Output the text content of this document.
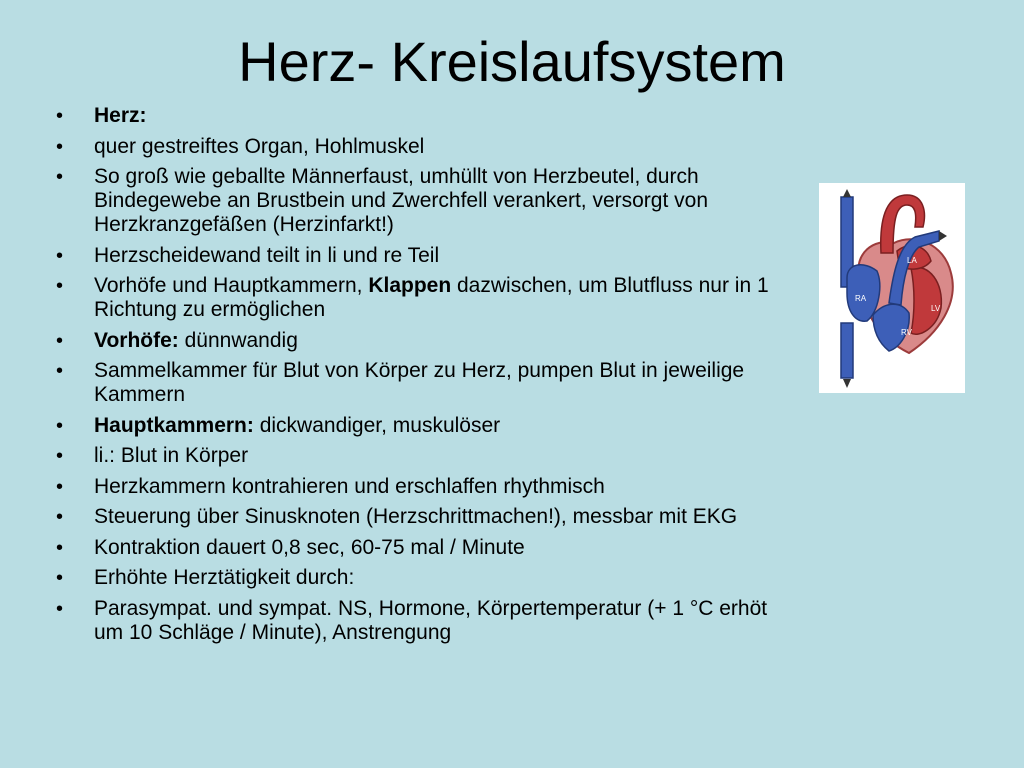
Herz- Kreislaufsystem
• Herz:
• quer gestreiftes Organ, Hohlmuskel
• So groß wie geballte Männerfaust, umhüllt von Herzbeutel, durch Bindegewebe an Brustbein und Zwerchfell verankert, versorgt von Herzkranzgefäßen (Herzinfarkt!)
• Herzscheidewand teilt in li und re Teil
• Vorhöfe und Hauptkammern, Klappen dazwischen, um Blutfluss nur in 1 Richtung zu ermöglichen
• Vorhöfe: dünnwandig
• Sammelkammer für Blut von Körper zu Herz, pumpen Blut in jeweilige Kammern
• Hauptkammern: dickwandiger, muskulöser
• li.: Blut in Körper
• Herzkammern kontrahieren und erschlaffen rhythmisch
• Steuerung über Sinusknoten (Herzschrittmachen!), messbar mit EKG
• Kontraktion dauert 0,8 sec, 60-75 mal / Minute
• Erhöhte Herztätigkeit durch:
• Parasympat. und sympat. NS, Hormone, Körpertemperatur (+ 1 °C erhöt um 10 Schläge / Minute), Anstrengung
RA
LA
RV
LV
